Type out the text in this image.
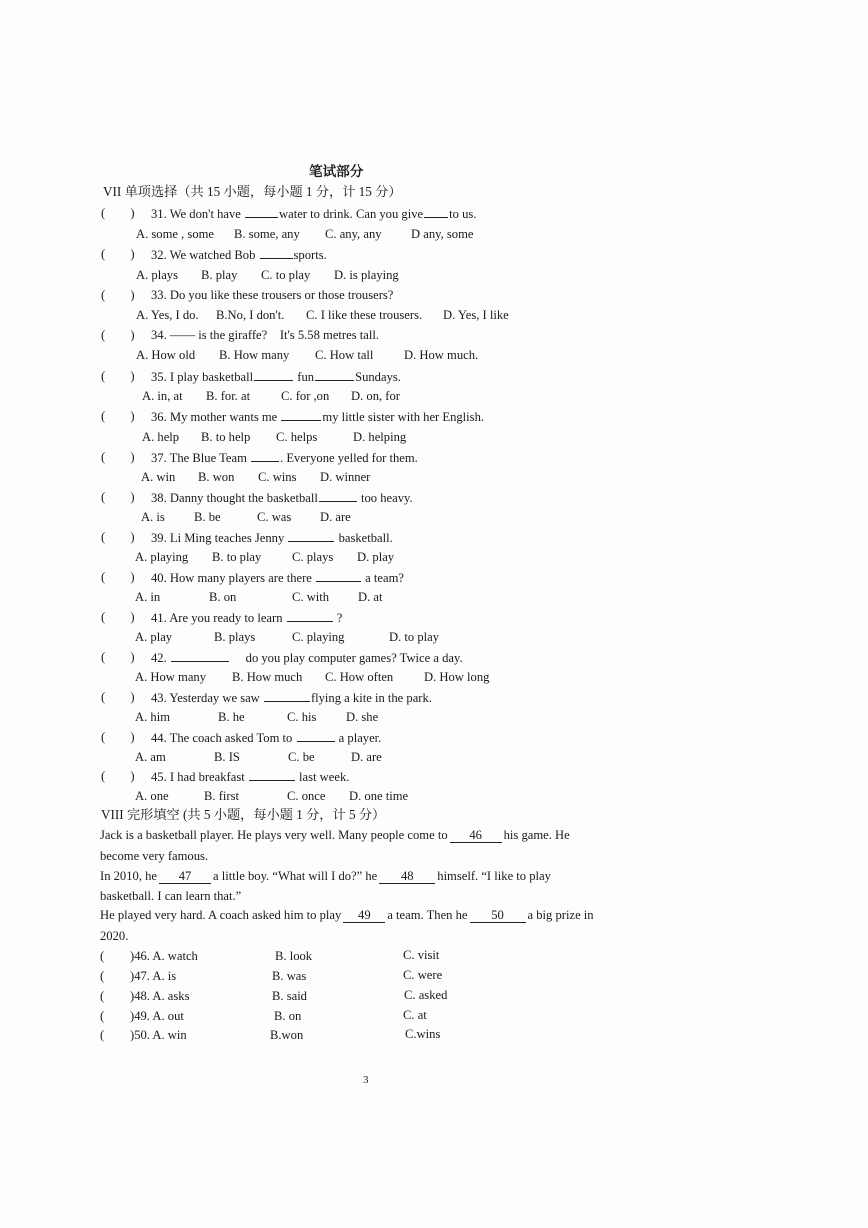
笔试部分
VII 单项选择（共 15 小题，每小题 1 分，计 15 分）
(        ) 31. We don't have	water to drink. Can you give to us.
A. some , some B. some, any C. any, any D any, some
(        ) 32. We watched Bob	sports.
A. plays B. play C. to play D. is playing
(        ) 33. Do you like these trousers or those trousers?
A. Yes, I do. B.No, I don't. C. I like these trousers. D. Yes, I like
(        ) 34. —— is the giraffe?    It's 5.58 metres tall.
A. How old B. How many C. How tall D. How much.
(        ) 35. I play basketball	fun	Sundays.
A. in, at B. for. at C. for ,on D. on, for
(        ) 36. My mother wants me	my little sister with her English.
A. help B. to help C. helps	D. helping
(        ) 37. The Blue Team . Everyone yelled for them.
A. win B. won C. wins D. winner
(        ) 38. Danny thought the basketball	too heavy.
A. is B. be	C. was D. are
(        ) 39. Li Ming teaches Jenny	basketball.
A. playing B. to play C. plays D. play
(        ) 40. How many players are there	a team?
A. in	B. on	C. with D. at
(        ) 41. Are you ready to learn	?
A. play	B. plays	C. playing	D. to play
(        ) 42.	do you play computer games? Twice a day.
A. How many B. How much C. How often D. How long
(        ) 43. Yesterday we saw	flying a kite in the park.
A. him	B. he	C. his D. she
(        ) 44. The coach asked Tom to	a player.
A. am	B. IS	C. be	D. are
(        ) 45. I had breakfast	last week.
A. one	B. first	C. once D. one time
VIII 完形填空 (共 5 小题，每小题 1 分，计 5 分）
Jack is a basketball player. He plays very well. Many people come to 46 his game. He
become very famous.
In 2010, he 47 a little boy. “What will I do?” he 48 himself. “I like to play
basketball. I can learn that.”
He played very hard. A coach asked him to play 49 a team. Then he 50 a big prize in
2020.
( )46. A. watch	B. look	C. visit
( )47. A. is	B. was	C. were
( )48. A. asks	B. said	C. asked
( )49. A. out	B. on	C. at
( )50. A. win	B.won	C.wins
3
